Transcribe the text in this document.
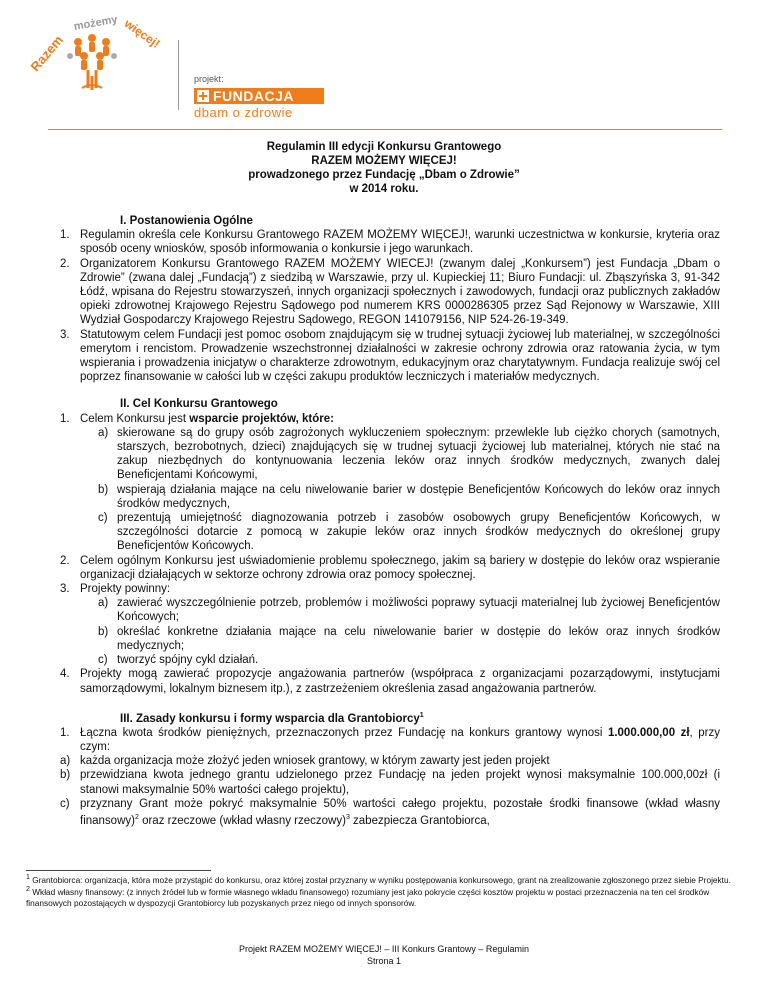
Razem
możemy więcej!
projekt:
FUNDACJA
dbam o zdrowie
Regulamin III edycji Konkursu Grantowego
RAZEM MOŻEMY WIĘCEJ!
prowadzonego przez Fundację „Dbam o Zdrowie”
w 2014 roku.
I. Postanowienia Ogólne
1. Regulamin określa cele Konkursu Grantowego RAZEM MOŻEMY WIĘCEJ!, warunki uczestnictwa w konkursie, kryteria oraz sposób oceny wniosków, sposób informowania o konkursie i jego warunkach.
2. Organizatorem Konkursu Grantowego RAZEM MOŻEMY WIECEJ! (zwanym dalej „Konkursem”) jest Fundacja „Dbam o Zdrowie” (zwana dalej „Fundacją”) z siedzibą w Warszawie, przy ul. Kupieckiej 11; Biuro Fundacji: ul. Zbąszyńska 3, 91-342 Łódź, wpisana do Rejestru stowarzyszeń, innych organizacji społecznych i zawodowych, fundacji oraz publicznych zakładów opieki zdrowotnej Krajowego Rejestru Sądowego pod numerem KRS 0000286305 przez Sąd Rejonowy w Warszawie, XIII Wydział Gospodarczy Krajowego Rejestru Sądowego, REGON 141079156, NIP 524-26-19-349.
3. Statutowym celem Fundacji jest pomoc osobom znajdującym się w trudnej sytuacji życiowej lub materialnej, w szczególności emerytom i rencistom. Prowadzenie wszechstronnej działalności w zakresie ochrony zdrowia oraz ratowania życia, w tym wspierania i prowadzenia inicjatyw o charakterze zdrowotnym, edukacyjnym oraz charytatywnym. Fundacja realizuje swój cel poprzez finansowanie w całości lub w części zakupu produktów leczniczych i materiałów medycznych.
II. Cel Konkursu Grantowego
1. Celem Konkursu jest wsparcie projektów, które:
a) skierowane są do grupy osób zagrożonych wykluczeniem społecznym: przewlekle lub ciężko chorych (samotnych, starszych, bezrobotnych, dzieci) znajdujących się w trudnej sytuacji życiowej lub materialnej, których nie stać na zakup niezbędnych do kontynuowania leczenia leków oraz innych środków medycznych, zwanych dalej Beneficjentami Końcowymi,
b) wspierają działania mające na celu niwelowanie barier w dostępie Beneficjentów Końcowych do leków oraz innych środków medycznych,
c) prezentują umiejętność diagnozowania potrzeb i zasobów osobowych grupy Beneficjentów Końcowych, w szczególności dotarcie z pomocą w zakupie leków oraz innych środków medycznych do określonej grupy Beneficjentów Końcowych.
2. Celem ogólnym Konkursu jest uświadomienie problemu społecznego, jakim są bariery w dostępie do leków oraz wspieranie organizacji działających w sektorze ochrony zdrowia oraz pomocy społecznej.
3. Projekty powinny:
a) zawierać wyszczególnienie potrzeb, problemów i możliwości poprawy sytuacji materialnej lub życiowej Beneficjentów Końcowych;
b) określać konkretne działania mające na celu niwelowanie barier w dostępie do leków oraz innych środków medycznych;
c) tworzyć spójny cykl działań.
4. Projekty mogą zawierać propozycje angażowania partnerów (współpraca z organizacjami pozarządowymi, instytucjami samorządowymi, lokalnym biznesem itp.), z zastrzeżeniem określenia zasad angażowania partnerów.
III. Zasady konkursu i formy wsparcia dla Grantobiorcy$^1$
1. Łączna kwota środków pieniężnych, przeznaczonych przez Fundację na konkurs grantowy wynosi 1.000.000,00 zł, przy czym:
a) każda organizacja może złożyć jeden wniosek grantowy, w którym zawarty jest jeden projekt
b) przewidziana kwota jednego grantu udzielonego przez Fundację na jeden projekt wynosi maksymalnie 100.000,00zł (i stanowi maksymalnie 50% wartości całego projektu),
c) przyznany Grant może pokryć maksymalnie 50% wartości całego projektu, pozostałe środki finansowe (wkład własny finansowy)$^2$ oraz rzeczowe (wkład własny rzeczowy)$^3$ zabezpiecza Grantobiorca,
$^1$ Grantobiorca: organizacja, która może przystąpić do konkursu, oraz której został przyznany w wyniku postępowania konkursowego, grant na zrealizowanie zgłoszonego przez siebie Projektu.
$^2$ Wkład własny finansowy: (z innych źródeł lub w formie własnego wkładu finansowego) rozumiany jest jako pokrycie części kosztów projektu w postaci przeznaczenia na ten cel środków finansowych pozostających w dyspozycji Grantobiorcy lub pozyskanych przez niego od innych sponsorów.
Projekt RAZEM MOŻEMY WIĘCEJ! – III Konkurs Grantowy – Regulamin
Strona 1
